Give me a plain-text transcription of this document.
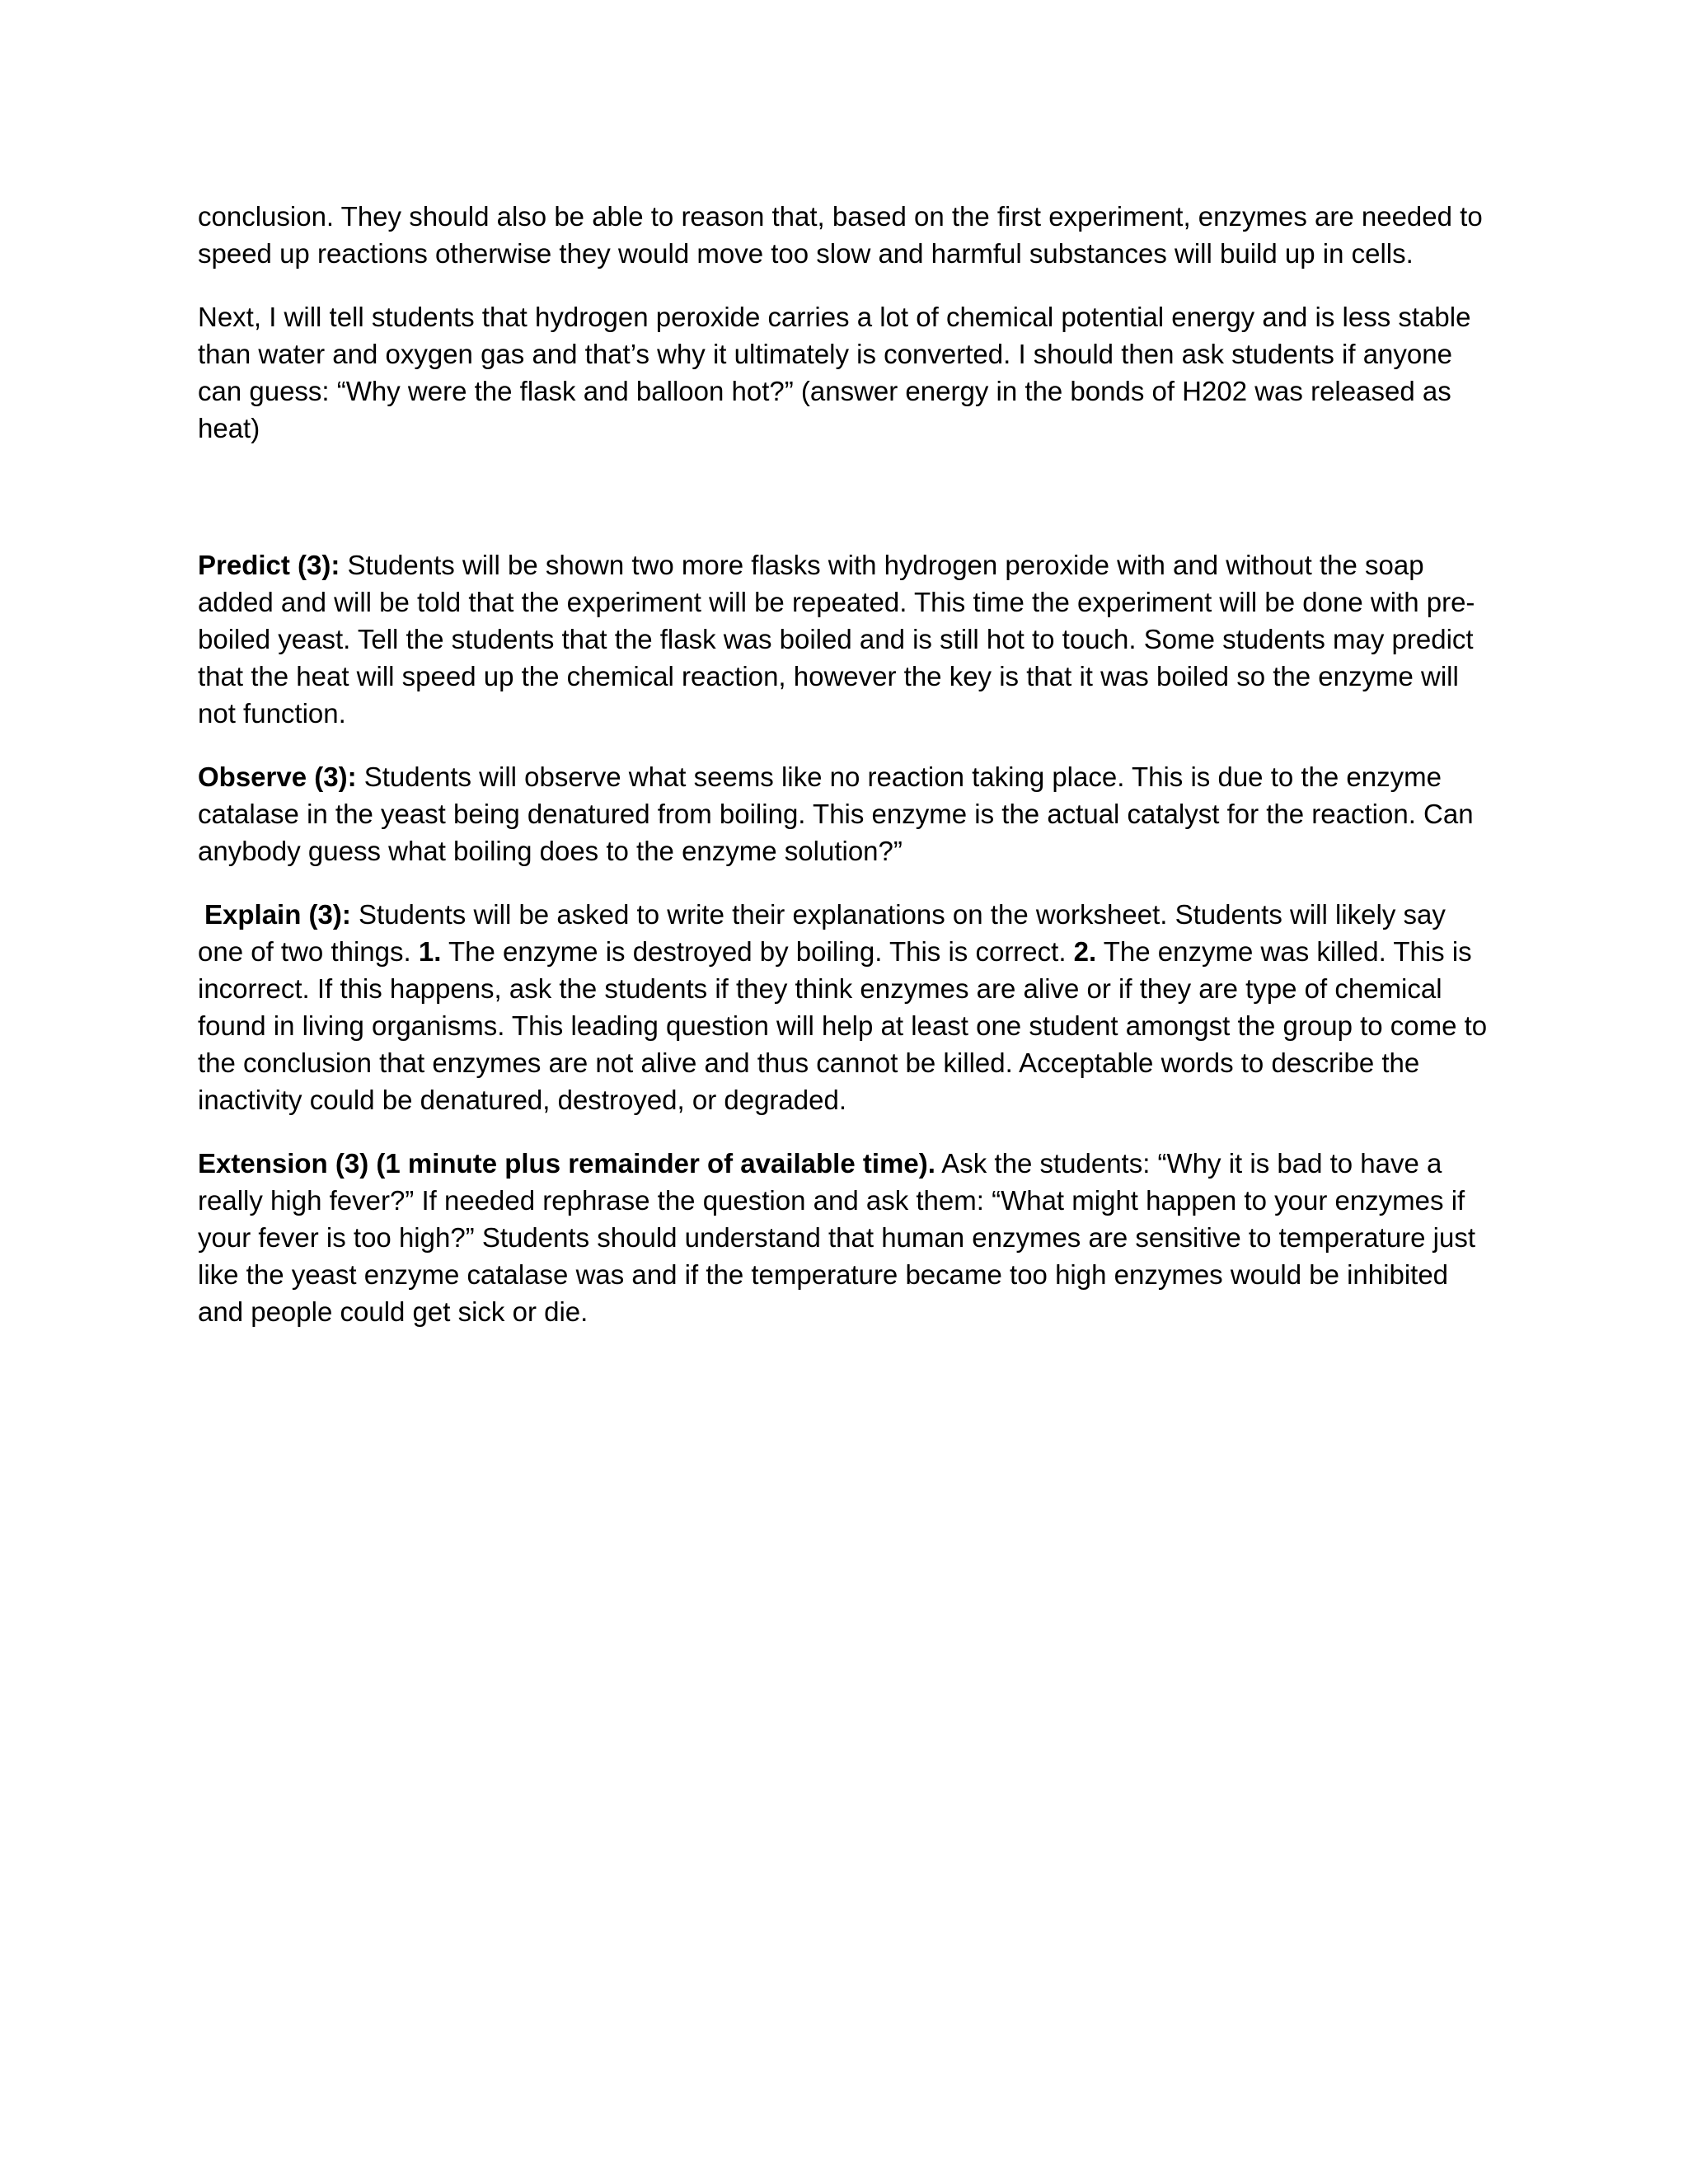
conclusion. They should also be able to reason that, based on the first experiment, enzymes are needed to speed up reactions otherwise they would move too slow and harmful substances will build up in cells.

Next, I will tell students that hydrogen peroxide carries a lot of chemical potential energy and is less stable than water and oxygen gas and that’s why it ultimately is converted. I should then ask students if anyone can guess: “Why were the flask and balloon hot?” (answer energy in the bonds of H202 was released as heat)

Predict (3): Students will be shown two more flasks with hydrogen peroxide with and without the soap added and will be told that the experiment will be repeated. This time the experiment will be done with pre-boiled yeast. Tell the students that the flask was boiled and is still hot to touch. Some students may predict that the heat will speed up the chemical reaction, however the key is that it was boiled so the enzyme will not function.

Observe (3): Students will observe what seems like no reaction taking place. This is due to the enzyme catalase in the yeast being denatured from boiling. This enzyme is the actual catalyst for the reaction. Can anybody guess what boiling does to the enzyme solution?”

Explain (3): Students will be asked to write their explanations on the worksheet. Students will likely say one of two things. 1. The enzyme is destroyed by boiling. This is correct. 2. The enzyme was killed. This is incorrect. If this happens, ask the students if they think enzymes are alive or if they are type of chemical found in living organisms. This leading question will help at least one student amongst the group to come to the conclusion that enzymes are not alive and thus cannot be killed. Acceptable words to describe the inactivity could be denatured, destroyed, or degraded.

Extension (3) (1 minute plus remainder of available time). Ask the students: “Why it is bad to have a really high fever?” If needed rephrase the question and ask them: “What might happen to your enzymes if your fever is too high?” Students should understand that human enzymes are sensitive to temperature just like the yeast enzyme catalase was and if the temperature became too high enzymes would be inhibited and people could get sick or die.
